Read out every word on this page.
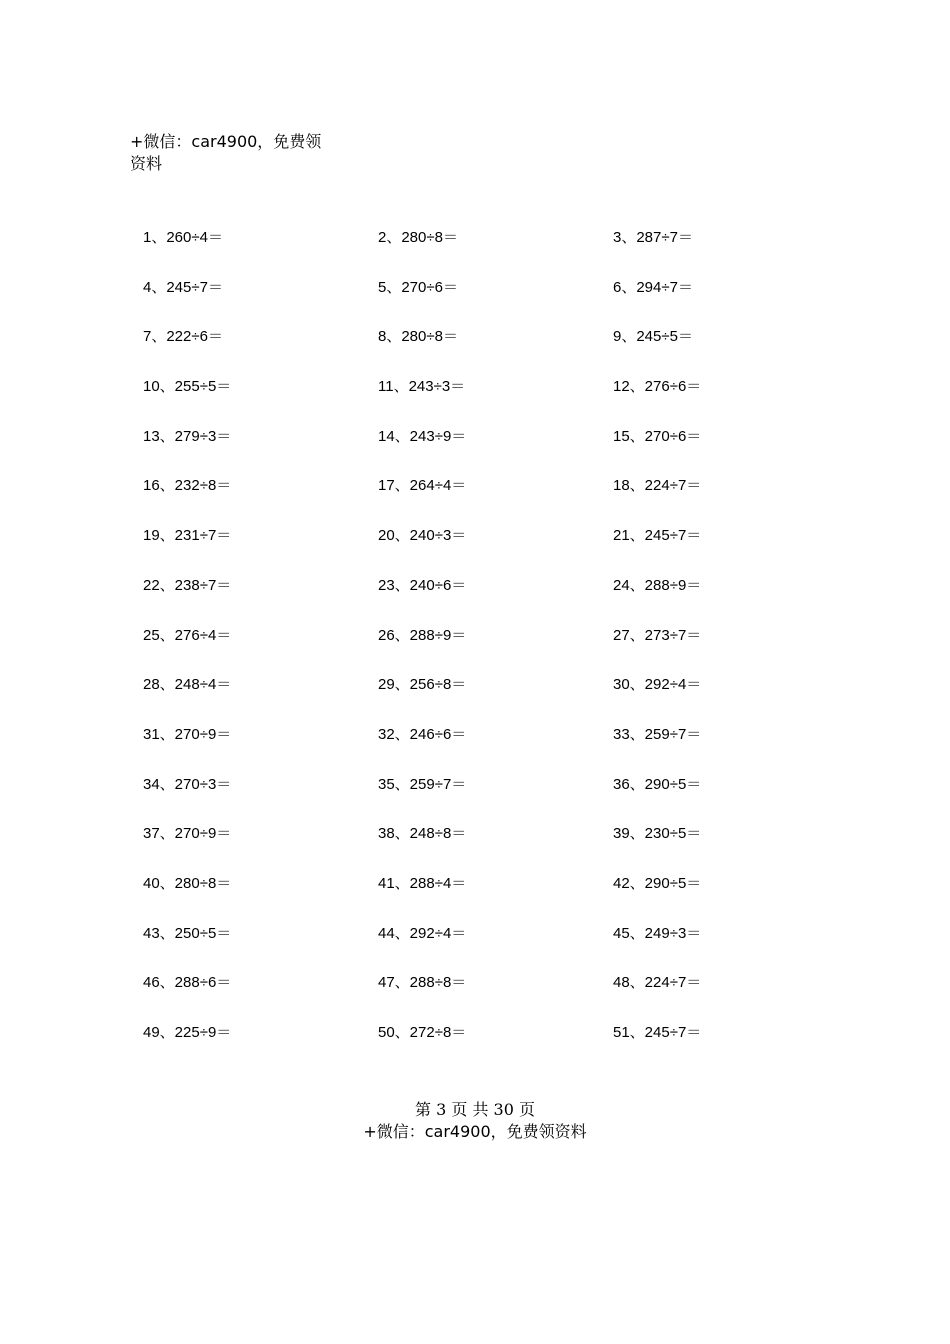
+微信：car4900，免费领
资料
1、260÷4＝	2、280÷8＝	3、287÷7＝
4、245÷7＝	5、270÷6＝	6、294÷7＝
7、222÷6＝	8、280÷8＝	9、245÷5＝
10、255÷5＝	11、243÷3＝	12、276÷6＝
13、279÷3＝	14、243÷9＝	15、270÷6＝
16、232÷8＝	17、264÷4＝	18、224÷7＝
19、231÷7＝	20、240÷3＝	21、245÷7＝
22、238÷7＝	23、240÷6＝	24、288÷9＝
25、276÷4＝	26、288÷9＝	27、273÷7＝
28、248÷4＝	29、256÷8＝	30、292÷4＝
31、270÷9＝	32、246÷6＝	33、259÷7＝
34、270÷3＝	35、259÷7＝	36、290÷5＝
37、270÷9＝	38、248÷8＝	39、230÷5＝
40、280÷8＝	41、288÷4＝	42、290÷5＝
43、250÷5＝	44、292÷4＝	45、249÷3＝
46、288÷6＝	47、288÷8＝	48、224÷7＝
49、225÷9＝	50、272÷8＝	51、245÷7＝
第 3 页 共 30 页
+微信：car4900，免费领资料
